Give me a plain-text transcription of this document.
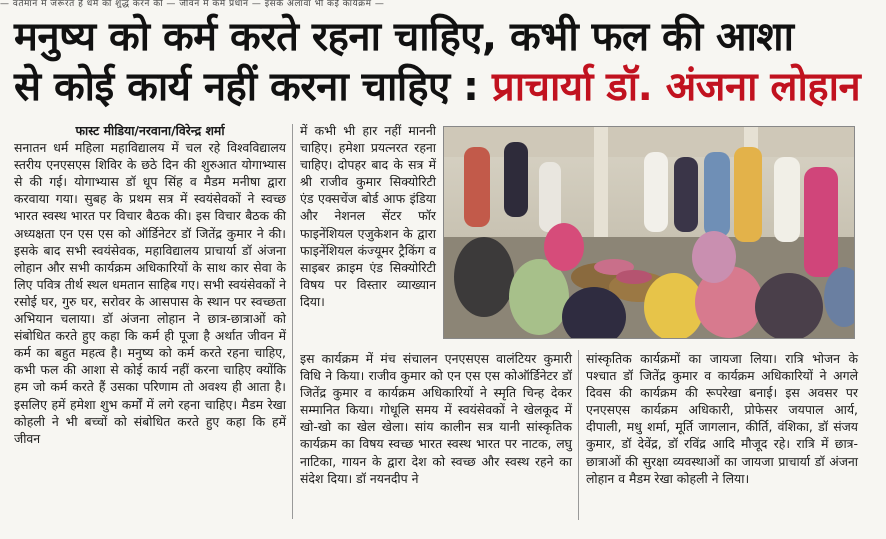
— वर्तमान में जरूरत है धर्म को शुद्ध करने की — जीवन में कर्म प्रधान — इसके अलावा भी कई कार्यक्रम —
मनुष्य को कर्म करते रहना चाहिए, कभी फल की आशा
से कोई कार्य नहीं करना चाहिए : प्राचार्या डॉ. अंजना लोहान
फास्ट मीडिया/नरवाना/विरेन्द्र शर्मा
सनातन धर्म महिला महाविद्यालय में चल रहे विश्वविद्यालय स्तरीय एनएसएस शिविर के छठे दिन की शुरुआत योगाभ्यास से की गई। योगाभ्यास डॉ धूप सिंह व मैडम मनीषा द्वारा करवाया गया। सुबह के प्रथम सत्र में स्वयंसेवकों ने स्वच्छ भारत स्वस्थ भारत पर विचार बैठक की। इस विचार बैठक की अध्यक्षता एन एस एस को ऑर्डिनेटर डॉ जितेंद्र कुमार ने की। इसके बाद सभी स्वयंसेवक, महाविद्यालय प्राचार्या डॉ अंजना लोहान और सभी कार्यक्रम अधिकारियों के साथ कार सेवा के लिए पवित्र तीर्थ स्थल धमतान साहिब गए। सभी स्वयंसेवकों ने रसोई घर, गुरु घर, सरोवर के आसपास के स्थान पर स्वच्छता अभियान चलाया। डॉ अंजना लोहान ने छात्र-छात्राओं को संबोधित करते हुए कहा कि कर्म ही पूजा है अर्थात जीवन में कर्म का बहुत महत्व है। मनुष्य को कर्म करते रहना चाहिए, कभी फल की आशा से कोई कार्य नहीं करना चाहिए क्योंकि हम जो कर्म करते हैं उसका परिणाम तो अवश्य ही आता है। इसलिए हमें हमेशा शुभ कर्मों में लगे रहना चाहिए। मैडम रेखा कोहली ने भी बच्चों को संबोधित करते हुए कहा कि हमें जीवन
में कभी भी हार नहीं माननी चाहिए। हमेशा प्रयत्नरत रहना चाहिए। दोपहर बाद के सत्र में श्री राजीव कुमार सिक्योरिटी एंड एक्सचेंज बोर्ड आफ इंडिया और नेशनल सेंटर फॉर फाइनेंशियल एजुकेशन के द्वारा फाइनेंशियल कंज्यूमर ट्रैकिंग व साइबर क्राइम एंड सिक्योरिटी विषय पर विस्तार व्याख्यान दिया।
इस कार्यक्रम में मंच संचालन एनएसएस वालंटियर कुमारी विधि ने किया। राजीव कुमार को एन एस एस कोऑर्डिनेटर डॉ जितेंद्र कुमार व कार्यक्रम अधिकारियों ने स्मृति चिन्ह देकर सम्मानित किया। गोधूलि समय में स्वयंसेवकों ने खेलकूद में खो-खो का खेल खेला। सांय कालीन सत्र यानी सांस्कृतिक कार्यक्रम का विषय स्वच्छ भारत स्वस्थ भारत पर नाटक, लघु नाटिका, गायन के द्वारा देश को स्वच्छ और स्वस्थ रहने का संदेश दिया। डॉ नयनदीप ने
सांस्कृतिक कार्यक्रमों का जायजा लिया। रात्रि भोजन के पश्चात डॉ जितेंद्र कुमार व कार्यक्रम अधिकारियों ने अगले दिवस की कार्यक्रम की रूपरेखा बनाई। इस अवसर पर एनएसएस कार्यक्रम अधिकारी, प्रोफेसर जयपाल आर्य, दीपाली, मधु शर्मा, मूर्ति जागलान, कीर्ति, वंशिका, डॉ संजय कुमार, डॉ देवेंद्र, डॉ रविंद्र आदि मौजूद रहे। रात्रि में छात्र-छात्राओं की सुरक्षा व्यवस्थाओं का जायजा प्राचार्या डॉ अंजना लोहान व मैडम रेखा कोहली ने लिया।
